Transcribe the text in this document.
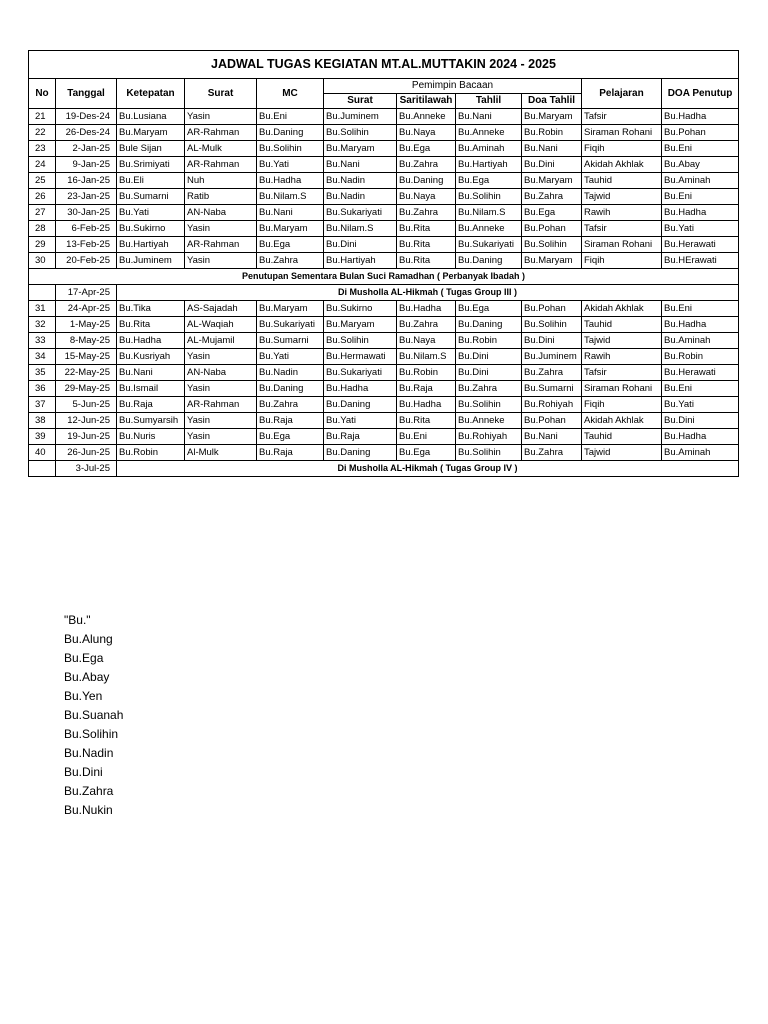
JADWAL TUGAS KEGIATAN MT.AL.MUTTAKIN 2024 - 2025										
No	Tanggal	Ketepatan	Surat	MC	Pemimpin Bacaan				Pelajaran	DOA Penutup
					Surat	Saritilawah	Tahlil	Doa Tahlil		
21	19-Des-24	Bu.Lusiana	Yasin	Bu.Eni	Bu.Juminem	Bu.Anneke	Bu.Nani	Bu.Maryam	Tafsir	Bu.Hadha
22	26-Des-24	Bu.Maryam	AR-Rahman	Bu.Daning	Bu.Solihin	Bu.Naya	Bu.Anneke	Bu.Robin	Siraman Rohani	Bu.Pohan
23	2-Jan-25	Bule Sijan	AL-Mulk	Bu.Solihin	Bu.Maryam	Bu.Ega	Bu.Aminah	Bu.Nani	Fiqih	Bu.Eni
24	9-Jan-25	Bu.Srimiyati	AR-Rahman	Bu.Yati	Bu.Nani	Bu.Zahra	Bu.Hartiyah	Bu.Dini	Akidah Akhlak	Bu.Abay
25	16-Jan-25	Bu.Eli	Nuh	Bu.Hadha	Bu.Nadin	Bu.Daning	Bu.Ega	Bu.Maryam	Tauhid	Bu.Aminah
26	23-Jan-25	Bu.Sumarni	Ratib	Bu.Nilam.S	Bu.Nadin	Bu.Naya	Bu.Solihin	Bu.Zahra	Tajwid	Bu.Eni
27	30-Jan-25	Bu.Yati	AN-Naba	Bu.Nani	Bu.Sukariyati	Bu.Zahra	Bu.Nilam.S	Bu.Ega	Rawih	Bu.Hadha
28	6-Feb-25	Bu.Sukirno	Yasin	Bu.Maryam	Bu.Nilam.S	Bu.Rita	Bu.Anneke	Bu.Pohan	Tafsir	Bu.Yati
29	13-Feb-25	Bu.Hartiyah	AR-Rahman	Bu.Ega	Bu.Dini	Bu.Rita	Bu.Sukariyati	Bu.Solihin	Siraman Rohani	Bu.Herawati
30	20-Feb-25	Bu.Juminem	Yasin	Bu.Zahra	Bu.Hartiyah	Bu.Rita	Bu.Daning	Bu.Maryam	Fiqih	Bu.HErawati
Penutupan Sementara Bulan Suci Ramadhan ( Perbanyak Ibadah )										
	17-Apr-25	Di Musholla AL-Hikmah ( Tugas Group III )								
31	24-Apr-25	Bu.Tika	AS-Sajadah	Bu.Maryam	Bu.Sukirno	Bu.Hadha	Bu.Ega	Bu.Pohan	Akidah Akhlak	Bu.Eni
32	1-May-25	Bu.Rita	AL-Waqiah	Bu.Sukariyati	Bu.Maryam	Bu.Zahra	Bu.Daning	Bu.Solihin	Tauhid	Bu.Hadha
33	8-May-25	Bu.Hadha	AL-Mujamil	Bu.Sumarni	Bu.Solihin	Bu.Naya	Bu.Robin	Bu.Dini	Tajwid	Bu.Aminah
34	15-May-25	Bu.Kusriyah	Yasin	Bu.Yati	Bu.Hermawati	Bu.Nilam.S	Bu.Dini	Bu.Juminem	Rawih	Bu.Robin
35	22-May-25	Bu.Nani	AN-Naba	Bu.Nadin	Bu.Sukariyati	Bu.Robin	Bu.Dini	Bu.Zahra	Tafsir	Bu.Herawati
36	29-May-25	Bu.Ismail	Yasin	Bu.Daning	Bu.Hadha	Bu.Raja	Bu.Zahra	Bu.Sumarni	Siraman Rohani	Bu.Eni
37	5-Jun-25	Bu.Raja	AR-Rahman	Bu.Zahra	Bu.Daning	Bu.Hadha	Bu.Solihin	Bu.Rohiyah	Fiqih	Bu.Yati
38	12-Jun-25	Bu.Sumyarsih	Yasin	Bu.Raja	Bu.Yati	Bu.Rita	Bu.Anneke	Bu.Pohan	Akidah Akhlak	Bu.Dini
39	19-Jun-25	Bu.Nuris	Yasin	Bu.Ega	Bu.Raja	Bu.Eni	Bu.Rohiyah	Bu.Nani	Tauhid	Bu.Hadha
40	26-Jun-25	Bu.Robin	Al-Mulk	Bu.Raja	Bu.Daning	Bu.Ega	Bu.Solihin	Bu.Zahra	Tajwid	Bu.Aminah
	3-Jul-25	Di Musholla AL-Hikmah ( Tugas Group IV )								
"Bu."
Bu.Alung
Bu.Ega
Bu.Abay
Bu.Yen
Bu.Suanah
Bu.Solihin
Bu.Nadin
Bu.Dini
Bu.Zahra
Bu.Nukin
